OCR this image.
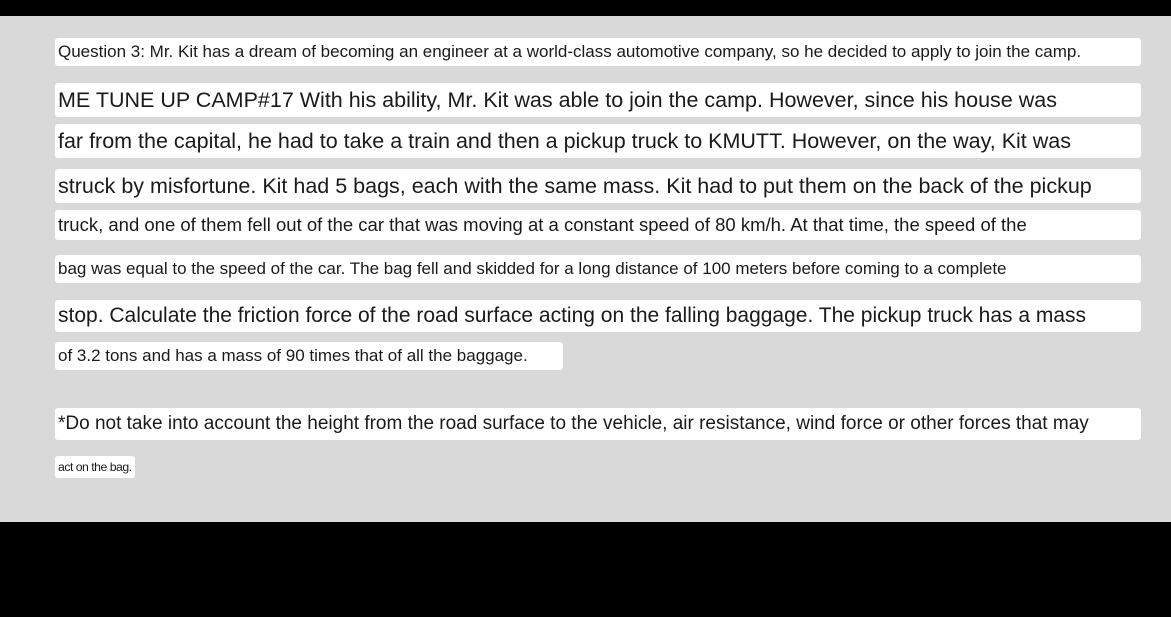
Question 3: Mr. Kit has a dream of becoming an engineer at a world-class automotive company, so he decided to apply to join the camp.
ME TUNE UP CAMP#17 With his ability, Mr. Kit was able to join the camp. However, since his house was
far from the capital, he had to take a train and then a pickup truck to KMUTT. However, on the way, Kit was
struck by misfortune. Kit had 5 bags, each with the same mass. Kit had to put them on the back of the pickup
truck, and one of them fell out of the car that was moving at a constant speed of 80 km/h. At that time, the speed of the
bag was equal to the speed of the car. The bag fell and skidded for a long distance of 100 meters before coming to a complete
stop. Calculate the friction force of the road surface acting on the falling baggage. The pickup truck has a mass
of 3.2 tons and has a mass of 90 times that of all the baggage.
*Do not take into account the height from the road surface to the vehicle, air resistance, wind force or other forces that may
act on the bag.
